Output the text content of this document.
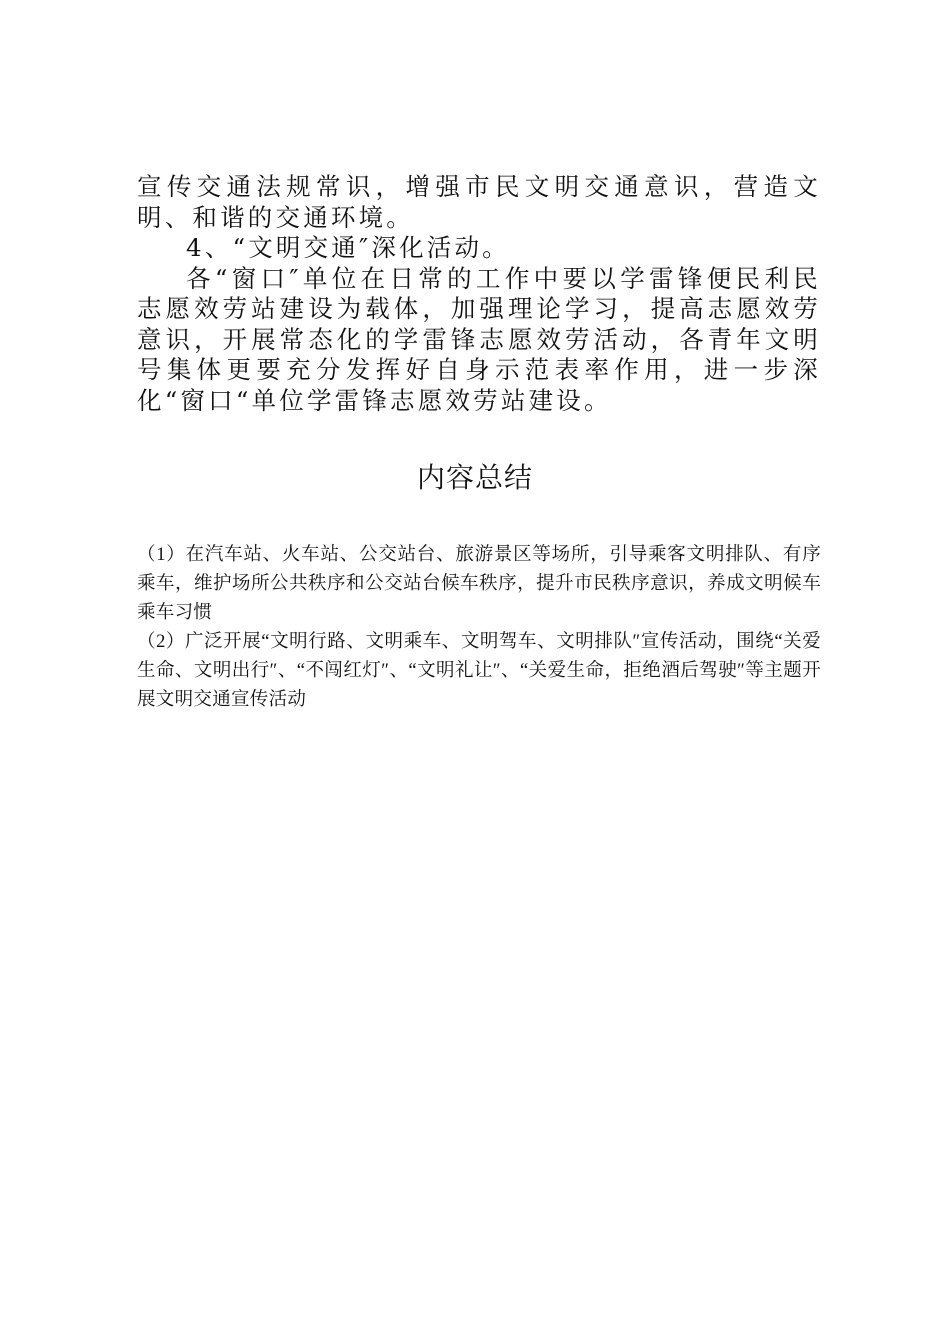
宣传交通法规常识，增强市民文明交通意识，营造文明、和谐的交通环境。

4、“文明交通″深化活动。

各“窗口″单位在日常的工作中要以学雷锋便民利民志愿效劳站建设为载体，加强理论学习，提高志愿效劳意识，开展常态化的学雷锋志愿效劳活动，各青年文明号集体更要充分发挥好自身示范表率作用，进一步深化“窗口“单位学雷锋志愿效劳站建设。

内容总结

（1）在汽车站、火车站、公交站台、旅游景区等场所，引导乘客文明排队、有序乘车，维护场所公共秩序和公交站台候车秩序，提升市民秩序意识，养成文明候车乘车习惯

（2）广泛开展“文明行路、文明乘车、文明驾车、文明排队″宣传活动，围绕“关爱生命、文明出行″、“不闯红灯″、“文明礼让″、“关爱生命，拒绝酒后驾驶″等主题开展文明交通宣传活动
